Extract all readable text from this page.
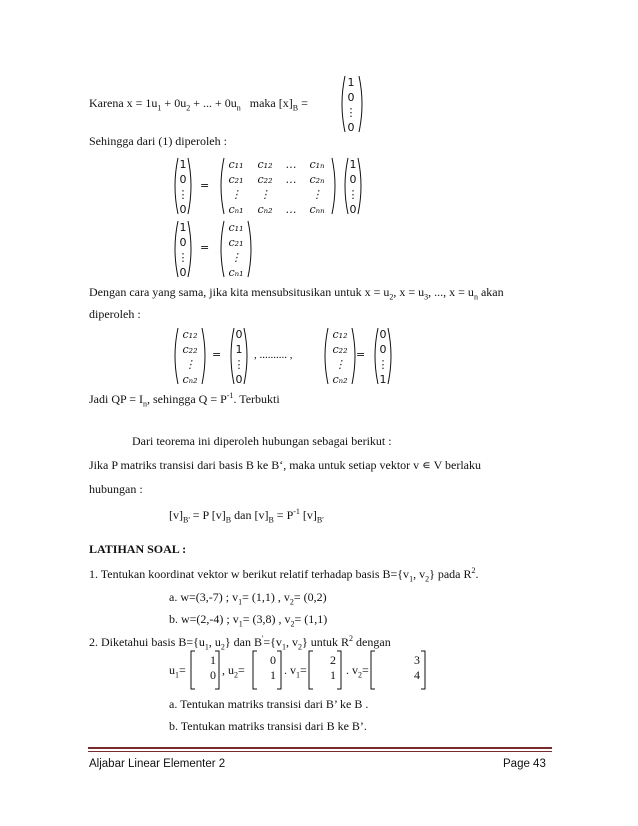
Karena $x = 1u_1 + 0u_2$ + ... + $0u_n$ maka $[x]_B$ =
1
0
⋮
0
Sehingga dari (1) diperoleh :
1
0
⋮
0
=
c₁₁
c₂₁
⋮
cₙ₁
c₁₂
c₂₂
⋮
cₙ₂
…
…
…
c₁ₙ
c₂ₙ
⋮
cₙₙ
1
0
⋮
0
1
0
⋮
0
=
c₁₁
c₂₁
⋮
cₙ₁
Dengan cara yang sama, jika kita mensubsitusikan untuk $x = u_2$, $x = u_3$, ..., $x = u_n$ akan
diperoleh :
c₁₂
c₂₂
⋮
cₙ₂
=
0
1
⋮
0
, .......... ,
c₁₂
c₂₂
⋮
cₙ₂
=
0
0
⋮
1
Jadi QP = $I_n$, sehingga $Q = P^{-1}$. Terbukti
Dari teorema ini diperoleh hubungan sebagai berikut :
Jika P matriks transisi dari basis B ke B‘, maka untuk setiap vektor v ∊ V berlaku
hubungan :
$[v]_{B'} = P$ $[v]_B$ dan $[v]_B = P^{-1}$ $[v]_{B'}$
LATIHAN SOAL :
1. Tentukan koordinat vektor w berikut relatif terhadap basis $B=\{v_1$, $v_2$} pada $R^2$.
a. w=(3,-7) ; $v_1= (1,1)$ , $v_2= (0,2)$
b. w=(2,-4) ; $v_1= (3,8)$ , $v_2= (1,1)$
2. Diketahui basis $B=\{u_1$, $u_2$} dan $B'=\{v_1$, $v_2$} untuk $R^2$ dengan
$u_1=$
1
0 , $u_2=$
0
1 . $v_1=$
2
1 . $v_2=$
3
4
a. Tentukan matriks transisi dari B’ ke B .
b. Tentukan matriks transisi dari B ke B’.
Aljabar Linear Elementer 2	Page 43
